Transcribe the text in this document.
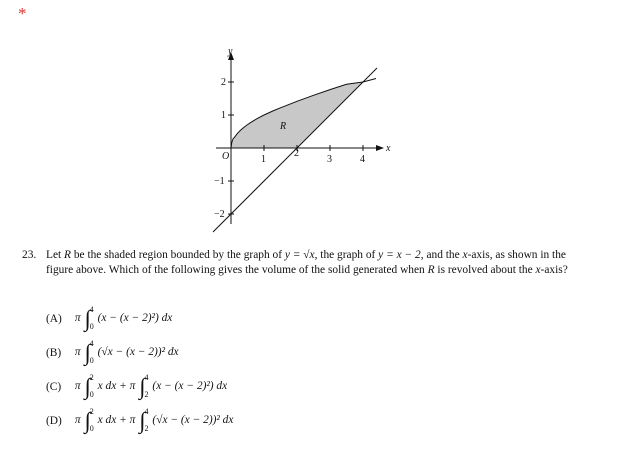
*
y
x
O
R
2
1
−1
−2
1
2
3	4
23. Let R be the shaded region bounded by the graph of y = √x, the graph of y = x − 2, and the x-axis, as shown in the figure above. Which of the following gives the volume of the solid generated when R is revolved about the x-axis?
(A) π ∫ 4
0
(x − (x − 2)²) dx
(B) π ∫ 4
0
(√x − (x − 2))² dx
(C) π ∫ 2
0
x dx + π ∫ 4
2
(x − (x − 2)²) dx
(D) π ∫ 2
0
x dx + π ∫ 4
2
(√x − (x − 2))² dx
